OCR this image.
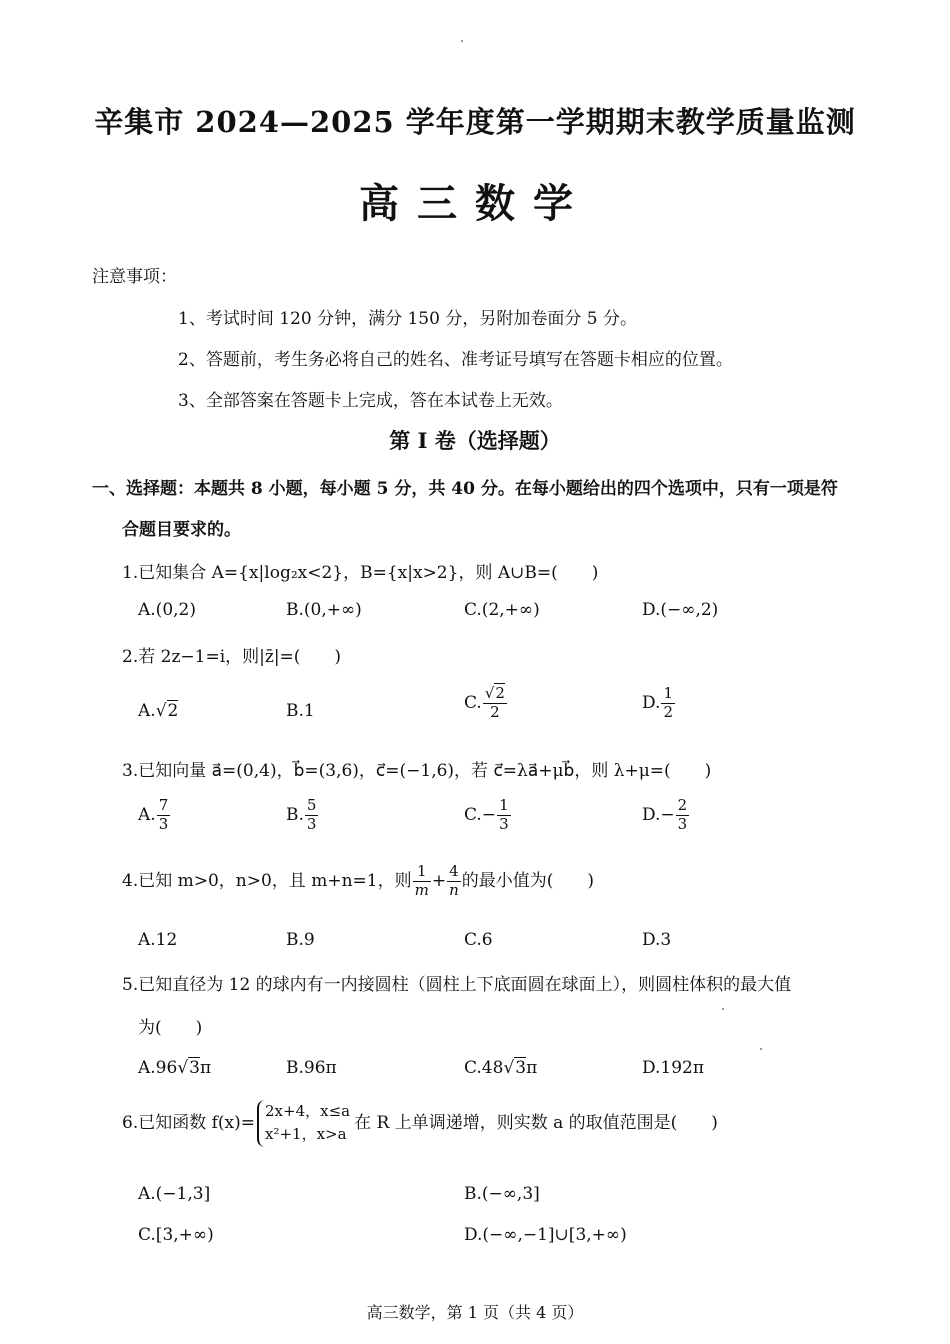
辛集市 2024—2025 学年度第一学期期末教学质量监测
高三数学
注意事项：
1、考试时间 120 分钟，满分 150 分，另附加卷面分 5 分。
2、答题前，考生务必将自己的姓名、准考证号填写在答题卡相应的位置。
3、全部答案在答题卡上完成，答在本试卷上无效。
第 I 卷（选择题）
一、选择题：本题共 8 小题，每小题 5 分，共 40 分。在每小题给出的四个选项中，只有一项是符
合题目要求的。
1.已知集合 A={x|log₂x<2}，B={x|x>2}，则 A∪B=(　　)
A.(0,2)	B.(0,+∞)	C.(2,+∞)	D.(−∞,2)
2.若 2z−1=i，则|z̄|=(　　)
A.√2	B.1	C. $\frac{√2}{2}$	D. $\frac{1}{2}$
3.已知向量 a⃗=(0,4)，b⃗=(3,6)，c⃗=(−1,6)，若 c⃗=λa⃗+μb⃗，则 λ+μ=(　　)
A. $\frac{7}{3}$	B. $\frac{5}{3}$	$C.- \frac{1}{3}$	$D.- \frac{2}{3}$
4.已知 m>0，n>0，且 m+n=1，则 $\frac{1}{m} + \frac{4}{n}$ 的最小值为(　　)
A.12	B.9	C.6	D.3
5.已知直径为 12 的球内有一内接圆柱（圆柱上下底面圆在球面上），则圆柱体积的最大值
为(　　)
A.96√3π	B.96π	C.48√3π	D.192π
6.已知函数 f(x)=
2x+4，x≤a
x²+1，x>a
在 R 上单调递增，则实数 a 的取值范围是(　　)
A.(−1,3]	B.(−∞,3]
C.[3,+∞)	D.(−∞,−1]∪[3,+∞)
高三数学，第 1 页（共 4 页）
